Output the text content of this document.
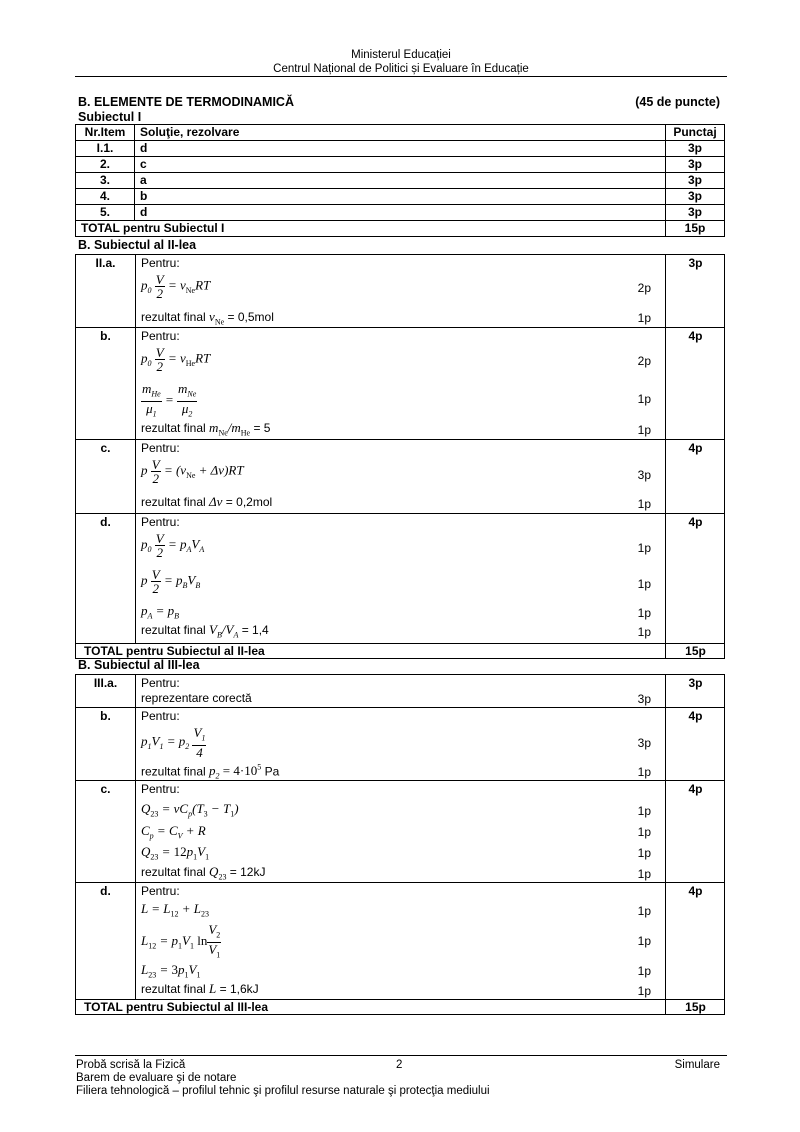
Ministerul Educației
Centrul Național de Politici și Evaluare în Educație
B. ELEMENTE DE TERMODINAMICĂ	(45 de puncte)
Subiectul I
Nr.Item	Soluţie, rezolvare	Punctaj
I.1.	d	3p
2.	c	3p
3.	a	3p
4.	b	3p
5.	d	3p
TOTAL pentru Subiectul I		15p
B. Subiectul al II-lea
II.a.	3p
Pentru:
$p_0 \frac{V}{2} = \nu_{Ne}RT$	2p
rezultat final $\nu_{Ne} = 0,5mol$	1p
b.	4p
Pentru:
$p_0 \frac{V}{2} = \nu_{He}RT$	2p
$\frac{m_{He}}{\mu_1} = \frac{m_{Ne}}{\mu_2}$	1p
rezultat final $m_{Ne}/m_{He} = 5$	1p
c.	4p
Pentru:
p $\frac{V}{2} = (\nu_{Ne} + \Delta\nu)RT$	3p
rezultat final Δν = 0,2mol	1p
d.	4p
Pentru:
$p_0 \frac{V}{2} = p_AV_A$	1p
p $\frac{V}{2} = p_BV_B$	1p
$p_A = p_B$	1p
rezultat final $V_B/V_A = 1,4$	1p
TOTAL pentru Subiectul al II-lea	15p
B. Subiectul al III-lea
III.a.	3p
Pentru:
reprezentare corectă	3p
b.	4p
Pentru:
$p_1V_1 = p_2 \frac{V_1}{4}$	3p
rezultat final $p_2 = 4\cdot 10^5$ Pa	1p
c.	4p
Pentru:
$Q_{23} = \nu C_p(T_3 - T_1)$	1p
$C_p = C_V + R$	1p
$Q_{23} = 12p_1V_1$	1p
rezultat final $Q_{23} = 12kJ$	1p
d.	4p
Pentru:
$L = L_{12} + L_{23}$	1p
$L_{12} = p_1V_1$ $\ln \frac{V_2}{V_1}$	1p
$L_{23} = 3p_1V_1$	1p
rezultat final L = 1,6kJ	1p
TOTAL pentru Subiectul al III-lea	15p
Probă scrisă la Fizică	2	Simulare
Barem de evaluare şi de notare
Filiera tehnologică – profilul tehnic şi profilul resurse naturale şi protecţia mediului
